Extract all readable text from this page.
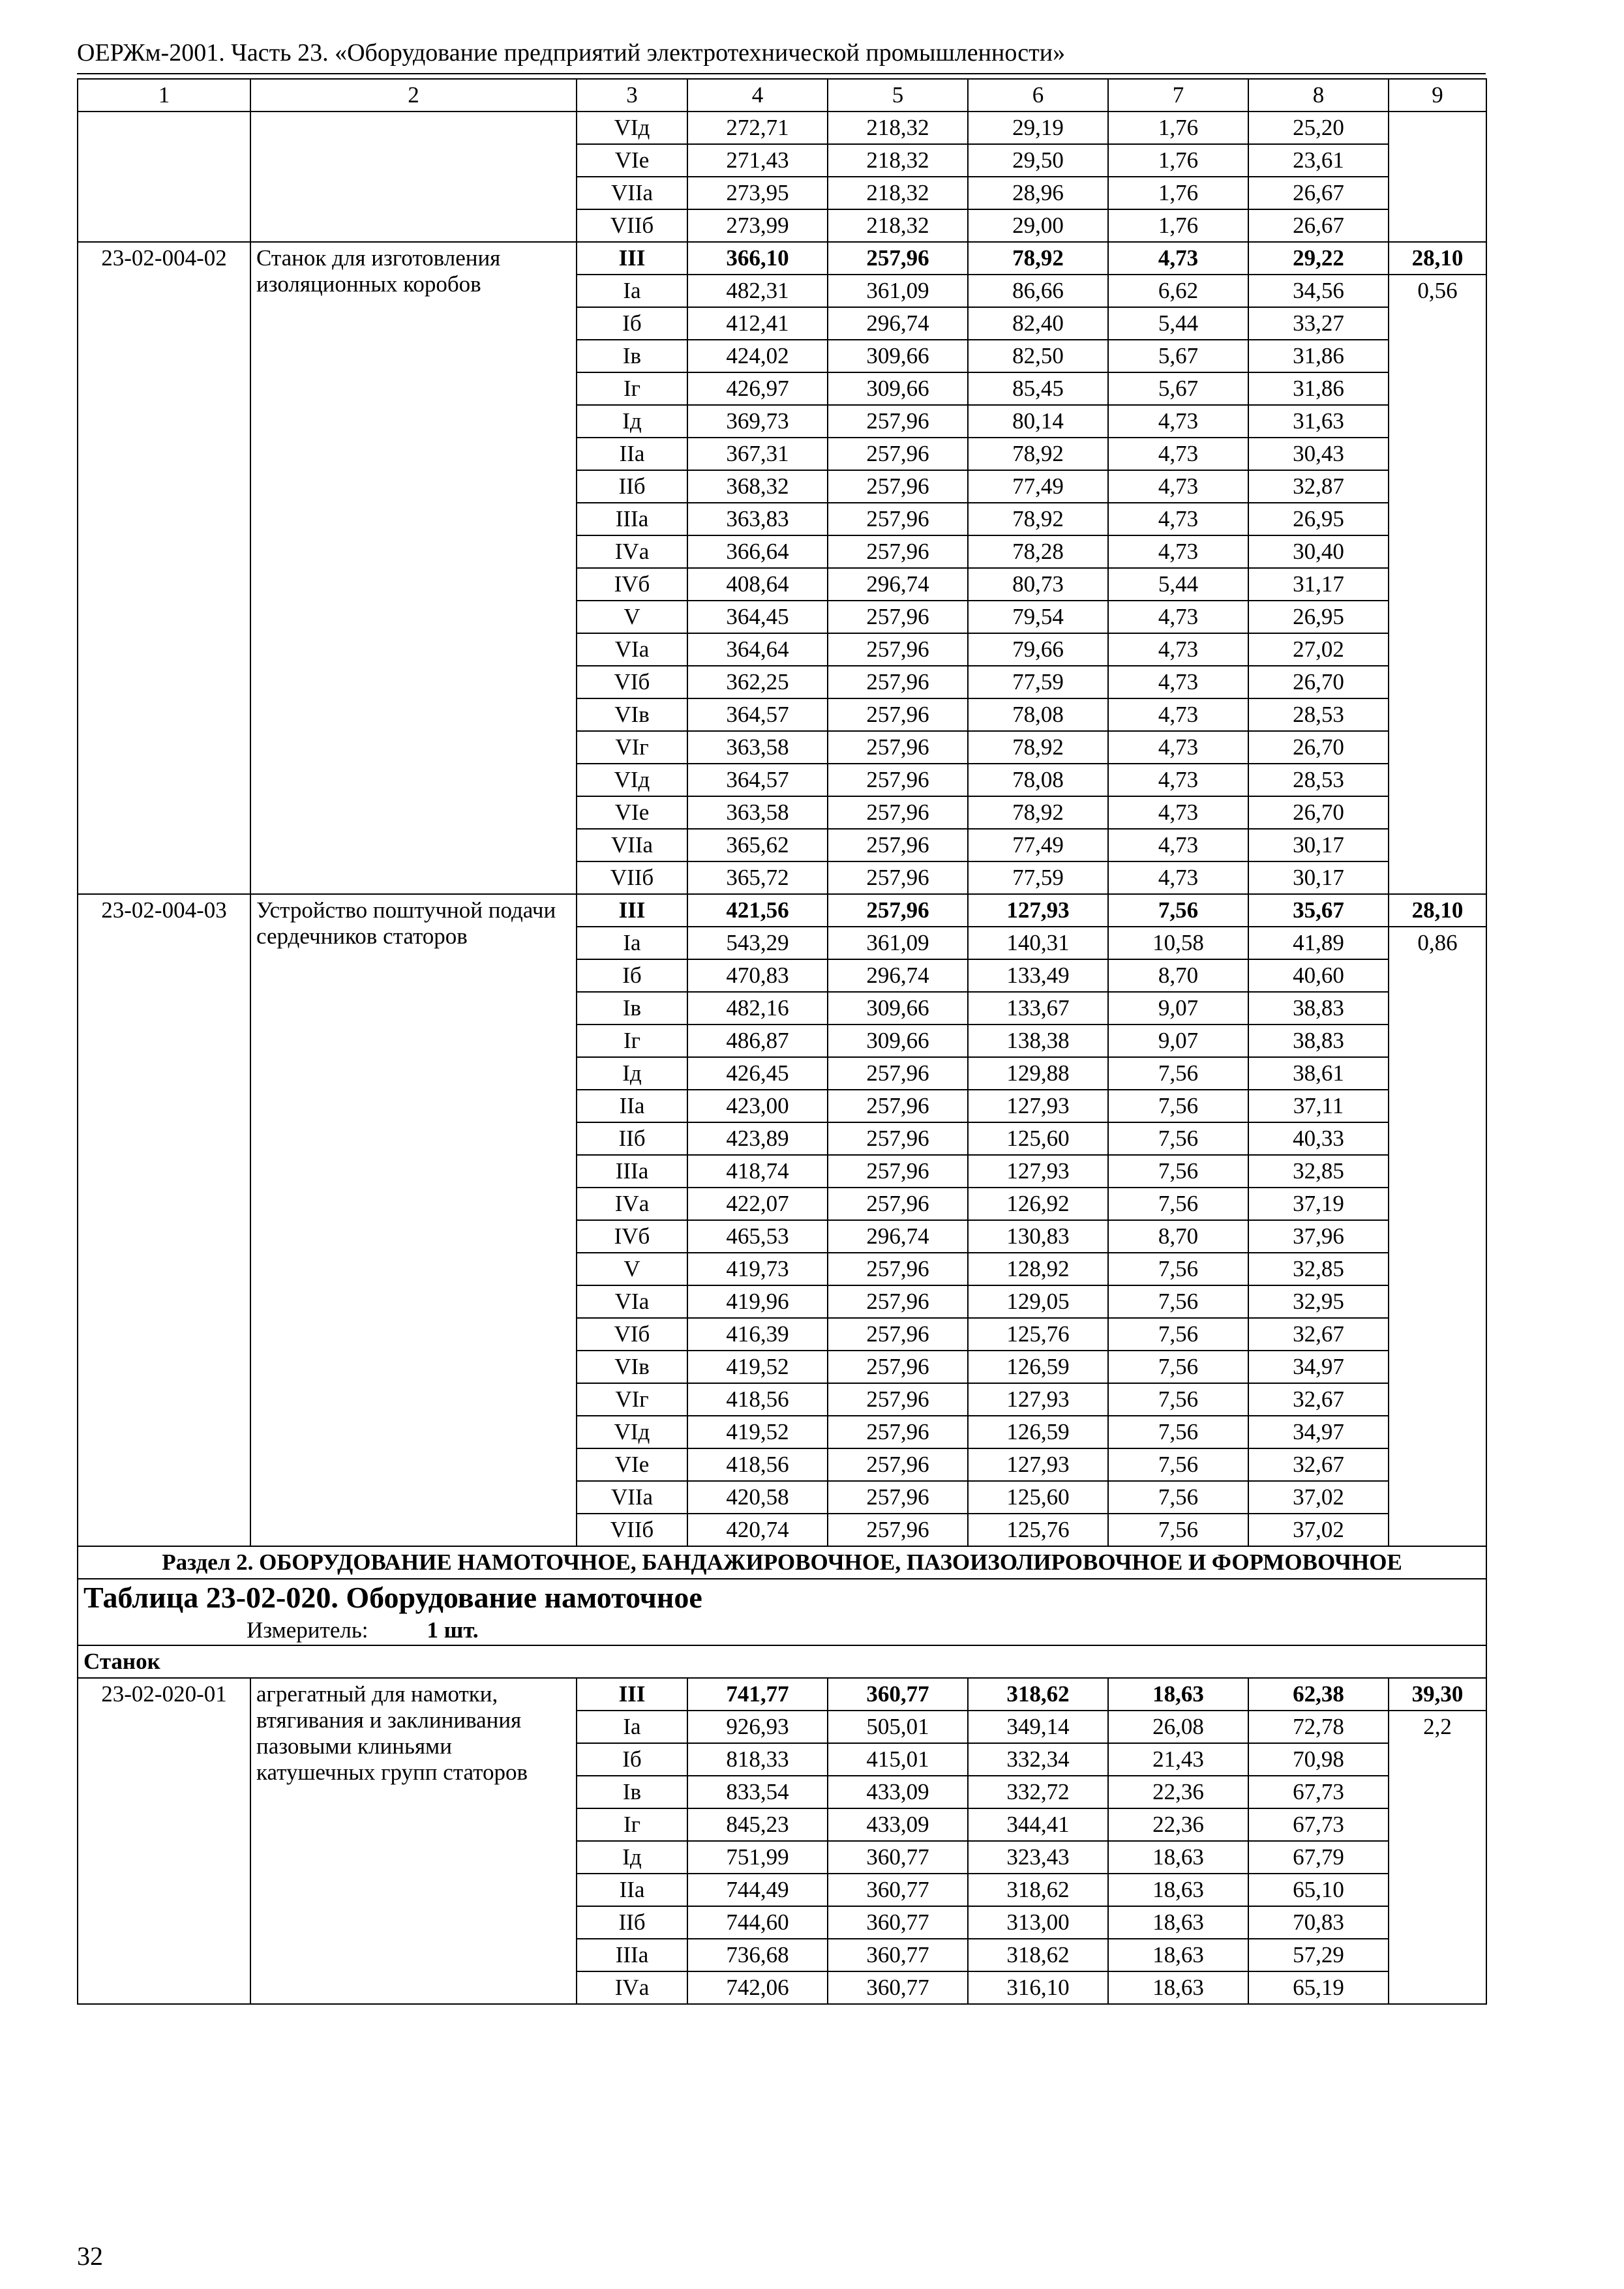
ОЕРЖм-2001. Часть 23. «Оборудование предприятий электротехнической промышленности»
1	2	3	4	5	6	7	8	9
		VIд	272,71	218,32	29,19	1,76	25,20	
		VIе	271,43	218,32	29,50	1,76	23,61	
		VIIа	273,95	218,32	28,96	1,76	26,67	
		VIIб	273,99	218,32	29,00	1,76	26,67	
23-02-004-02	Станок для изготовления изоляционных коробов	III	366,10	257,96	78,92	4,73	29,22	28,10
		Iа	482,31	361,09	86,66	6,62	34,56	0,56
		Iб	412,41	296,74	82,40	5,44	33,27	
		Iв	424,02	309,66	82,50	5,67	31,86	
		Iг	426,97	309,66	85,45	5,67	31,86	
		Iд	369,73	257,96	80,14	4,73	31,63	
		IIа	367,31	257,96	78,92	4,73	30,43	
		IIб	368,32	257,96	77,49	4,73	32,87	
		IIIа	363,83	257,96	78,92	4,73	26,95	
		IVа	366,64	257,96	78,28	4,73	30,40	
		IVб	408,64	296,74	80,73	5,44	31,17	
		V	364,45	257,96	79,54	4,73	26,95	
		VIа	364,64	257,96	79,66	4,73	27,02	
		VIб	362,25	257,96	77,59	4,73	26,70	
		VIв	364,57	257,96	78,08	4,73	28,53	
		VIг	363,58	257,96	78,92	4,73	26,70	
		VIд	364,57	257,96	78,08	4,73	28,53	
		VIе	363,58	257,96	78,92	4,73	26,70	
		VIIа	365,62	257,96	77,49	4,73	30,17	
		VIIб	365,72	257,96	77,59	4,73	30,17	
23-02-004-03	Устройство поштучной подачи сердечников статоров	III	421,56	257,96	127,93	7,56	35,67	28,10
		Iа	543,29	361,09	140,31	10,58	41,89	0,86
		Iб	470,83	296,74	133,49	8,70	40,60	
		Iв	482,16	309,66	133,67	9,07	38,83	
		Iг	486,87	309,66	138,38	9,07	38,83	
		Iд	426,45	257,96	129,88	7,56	38,61	
		IIа	423,00	257,96	127,93	7,56	37,11	
		IIб	423,89	257,96	125,60	7,56	40,33	
		IIIа	418,74	257,96	127,93	7,56	32,85	
		IVа	422,07	257,96	126,92	7,56	37,19	
		IVб	465,53	296,74	130,83	8,70	37,96	
		V	419,73	257,96	128,92	7,56	32,85	
		VIа	419,96	257,96	129,05	7,56	32,95	
		VIб	416,39	257,96	125,76	7,56	32,67	
		VIв	419,52	257,96	126,59	7,56	34,97	
		VIг	418,56	257,96	127,93	7,56	32,67	
		VIд	419,52	257,96	126,59	7,56	34,97	
		VIе	418,56	257,96	127,93	7,56	32,67	
		VIIа	420,58	257,96	125,60	7,56	37,02	
		VIIб	420,74	257,96	125,76	7,56	37,02	
Раздел 2. ОБОРУДОВАНИЕ НАМОТОЧНОЕ, БАНДАЖИРОВОЧНОЕ, ПАЗОИЗОЛИРОВОЧНОЕ И ФОРМОВОЧНОЕ								

Таблица 23-02-020. Оборудование намоточное
Измеритель: 1 шт.								

Станок								
23-02-020-01	агрегатный для намотки, втягивания и заклинивания пазовыми клиньями катушечных групп статоров	III	741,77	360,77	318,62	18,63	62,38	39,30
		Iа	926,93	505,01	349,14	26,08	72,78	2,2
		Iб	818,33	415,01	332,34	21,43	70,98	
		Iв	833,54	433,09	332,72	22,36	67,73	
		Iг	845,23	433,09	344,41	22,36	67,73	
		Iд	751,99	360,77	323,43	18,63	67,79	
		IIа	744,49	360,77	318,62	18,63	65,10	
		IIб	744,60	360,77	313,00	18,63	70,83	
		IIIа	736,68	360,77	318,62	18,63	57,29	
		IVа	742,06	360,77	316,10	18,63	65,19	
32
